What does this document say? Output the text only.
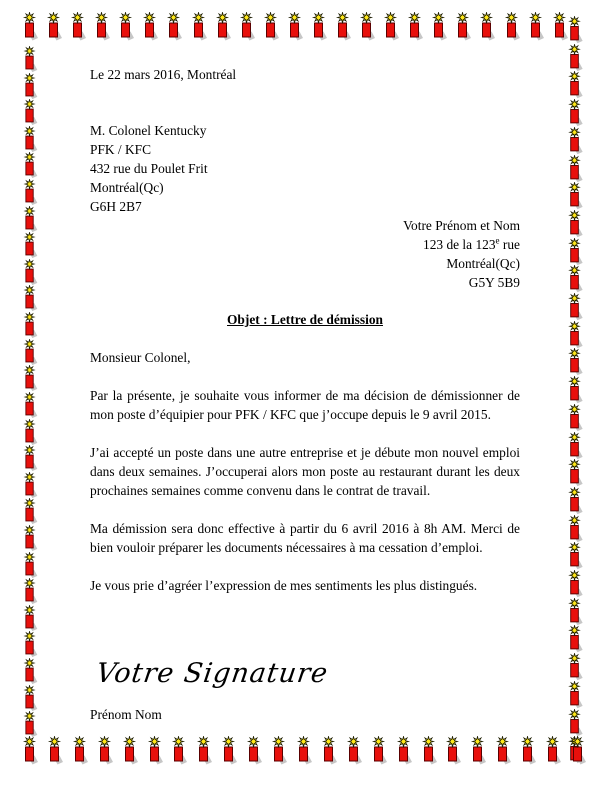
Le 22 mars 2016, Montréal

M. Colonel Kentucky
PFK / KFC
432 rue du Poulet Frit
Montréal(Qc)
G6H 2B7
Votre Prénom et Nom
123 de la 123e rue
Montréal(Qc)
G5Y 5B9

Objet : Lettre de démission

Monsieur Colonel,

Par la présente, je souhaite vous informer de ma décision de démissionner de mon poste d’équipier pour PFK / KFC que j’occupe depuis le 9 avril 2015.

J’ai accepté un poste dans une autre entreprise et je débute mon nouvel emploi dans deux semaines. J’occuperai alors mon poste au restaurant durant les deux prochaines semaines comme convenu dans le contrat de travail.

Ma démission sera donc effective à partir du 6 avril 2016 à 8h AM. Merci de bien vouloir préparer les documents nécessaires à ma cessation d’emploi.

Je vous prie d’agréer l’expression de mes sentiments les plus distingués.

Votre Signature

Prénom Nom
